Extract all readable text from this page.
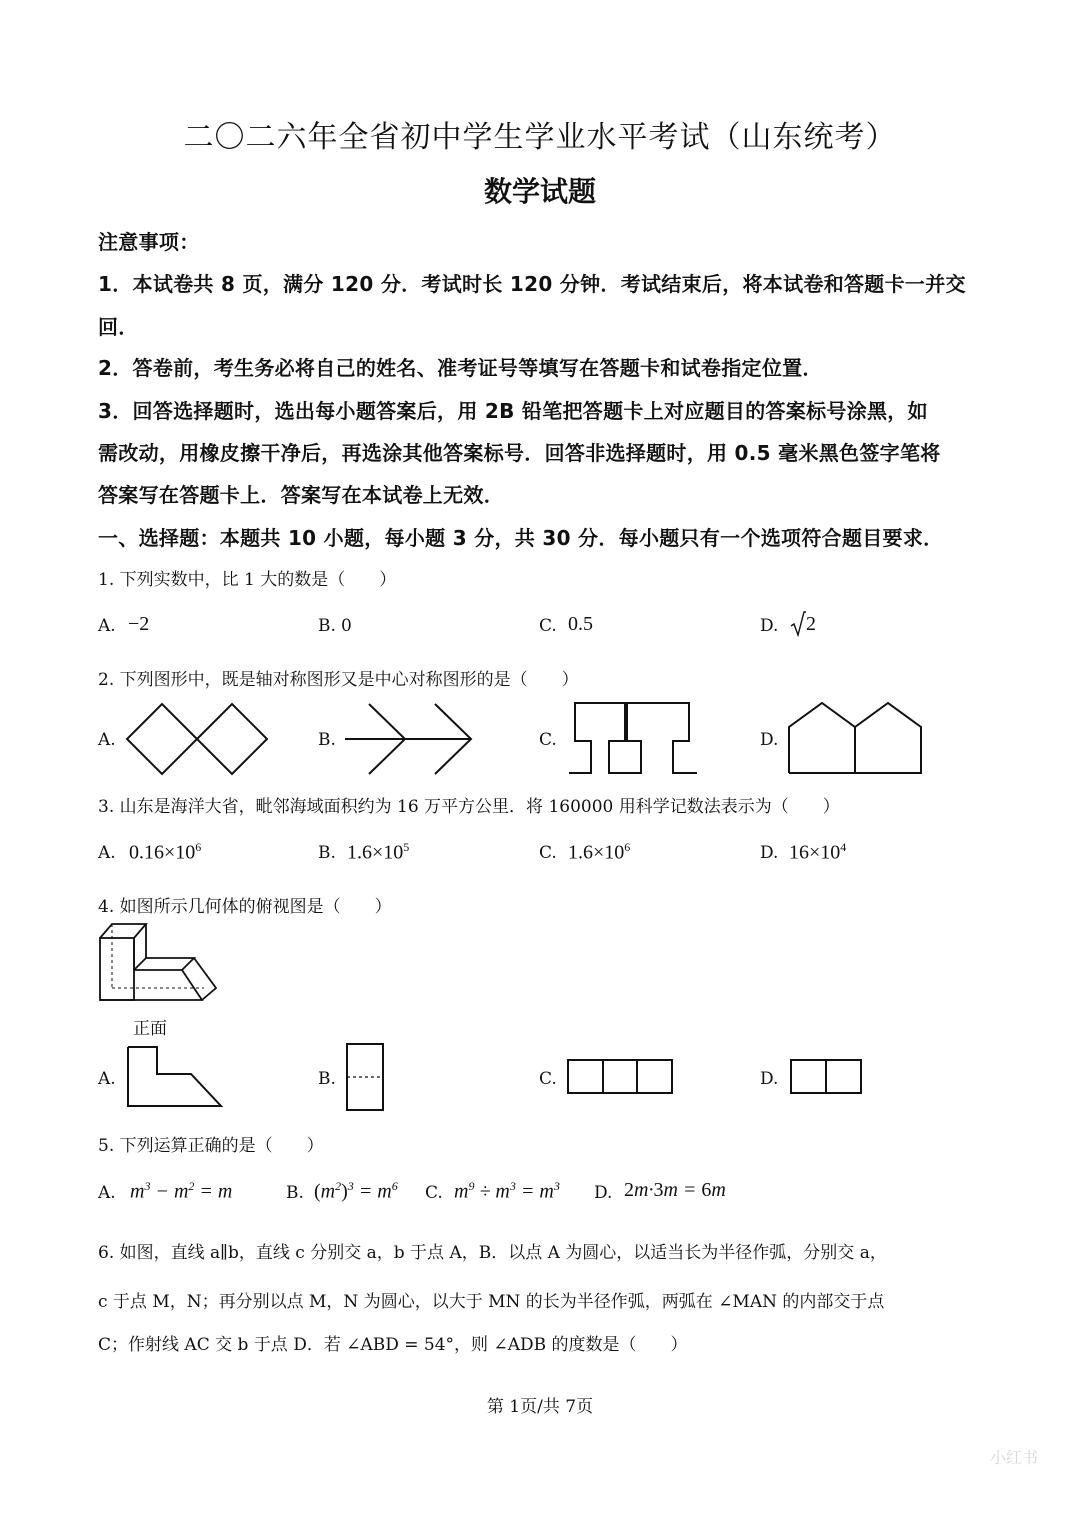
二〇二六年全省初中学生学业水平考试（山东统考）
数学试题
注意事项：
1．本试卷共 8 页，满分 120 分．考试时长 120 分钟．考试结束后，将本试卷和答题卡一并交
回．
2．答卷前，考生务必将自己的姓名、准考证号等填写在答题卡和试卷指定位置．
3．回答选择题时，选出每小题答案后，用 2B 铅笔把答题卡上对应题目的答案标号涂黑，如
需改动，用橡皮擦干净后，再选涂其他答案标号．回答非选择题时，用 0.5 毫米黑色签字笔将
答案写在答题卡上．答案写在本试卷上无效．
一、选择题：本题共 10 小题，每小题 3 分，共 30 分．每小题只有一个选项符合题目要求．
1. 下列实数中，比 1 大的数是（　　）
A. −2	B. 0	C. 0.5	D. 2
2. 下列图形中，既是轴对称图形又是中心对称图形的是（　　）
A.	B.	C.	D.
3. 山东是海洋大省，毗邻海域面积约为 16 万平方公里．将 160000 用科学记数法表示为（　　）
A. $0.16\times 10^6$	B. $1.6\times 10^5$	C. $1.6\times 10^6$	D. $16\times 10^4$
4. 如图所示几何体的俯视图是（　　）
正面
A.	B.	C.	D.
5. 下列运算正确的是（　　）
A. $m^3 - m^2 = m$	B. $(m^2)^3 = m^6$ C. $m^9 \div m^3 = m^3$ D. 2m·3m = 6m
6. 如图，直线 a∥b，直线 c 分别交 a，b 于点 A，B．以点 A 为圆心，以适当长为半径作弧，分别交 a，
c 于点 M，N；再分别以点 M，N 为圆心，以大于 MN 的长为半径作弧，两弧在 ∠MAN 的内部交于点
C；作射线 AC 交 b 于点 D．若 ∠ABD = 54°，则 ∠ADB 的度数是（　　）
第 1页/共 7页
小红书
